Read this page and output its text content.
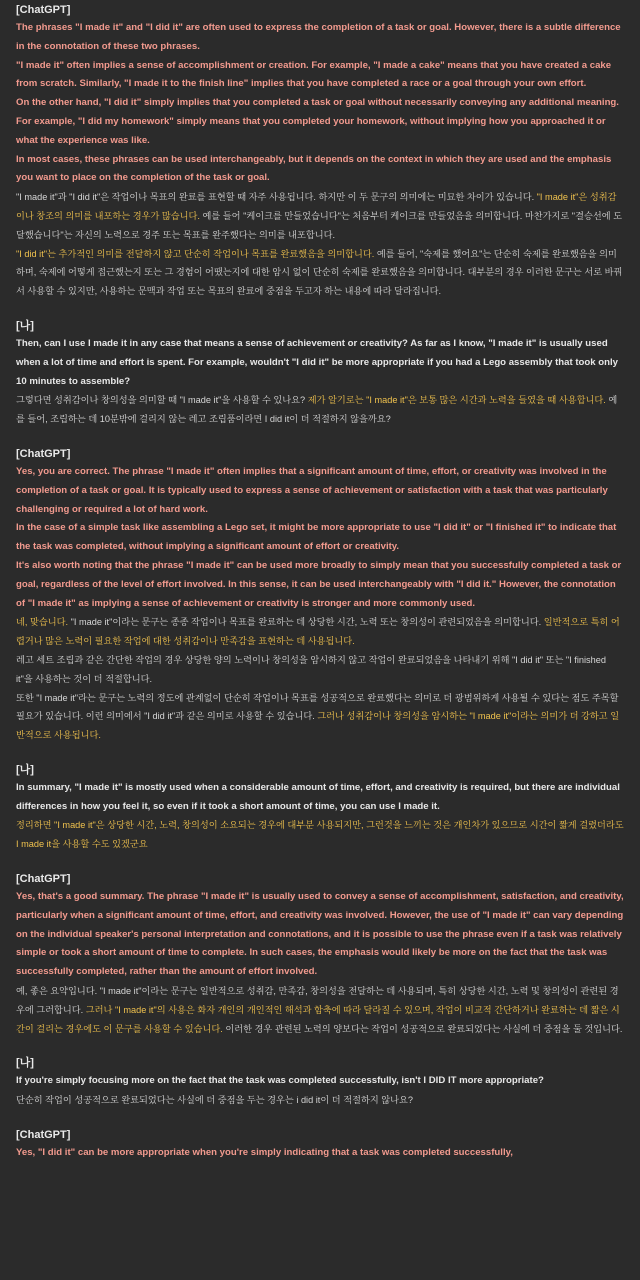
[ChatGPT]
The phrases "I made it" and "I did it" are often used to express the completion of a task or goal. However, there is a subtle difference in the connotation of these two phrases.
"I made it" often implies a sense of accomplishment or creation. For example, "I made a cake" means that you have created a cake from scratch. Similarly, "I made it to the finish line" implies that you have completed a race or a goal through your own effort.
On the other hand, "I did it" simply implies that you completed a task or goal without necessarily conveying any additional meaning. For example, "I did my homework" simply means that you completed your homework, without implying how you approached it or what the experience was like.
In most cases, these phrases can be used interchangeably, but it depends on the context in which they are used and the emphasis you want to place on the completion of the task or goal.
"I made it"과 "I did it"은 작업이나 목표의 완료를 표현할 때 자주 사용됩니다. 하지만 이 두 문구의 의미에는 미묘한 차이가 있습니다. "I made it"은 성취감이나 창조의 의미를 내포하는 경우가 많습니다. 예를 들어 "케이크를 만들었습니다"는 처음부터 케이크를 만들었음을 의미합니다. 마찬가지로 "결승선에 도달했습니다"는 자신의 노력으로 경주 또는 목표를 완주했다는 의미를 내포합니다.
"I did it"는 추가적인 의미를 전달하지 않고 단순히 작업이나 목표를 완료했음을 의미합니다. 예를 들어, "숙제를 했어요"는 단순히 숙제를 완료했음을 의미하며, 숙제에 어떻게 접근했는지 또는 그 경험이 어땠는지에 대한 암시 없이 단순히 숙제를 완료했음을 의미합니다. 대부분의 경우 이러한 문구는 서로 바꿔서 사용할 수 있지만, 사용하는 문맥과 작업 또는 목표의 완료에 중점을 두고자 하는 내용에 따라 달라집니다.
[나]
Then, can I use I made it in any case that means a sense of achievement or creativity? As far as I know, "I made it" is usually used when a lot of time and effort is spent. For example, wouldn't "I did it" be more appropriate if you had a Lego assembly that took only 10 minutes to assemble?
그렇다면 성취감이나 창의성을 의미할 때 "I made it"을 사용할 수 있나요? 제가 알기로는 "I made it"은 보통 많은 시간과 노력을 들였을 때 사용합니다. 예를 들어, 조립하는 데 10분밖에 걸리지 않는 레고 조립품이라면 I did it이 더 적절하지 않을까요?
[ChatGPT]
Yes, you are correct. The phrase "I made it" often implies that a significant amount of time, effort, or creativity was involved in the completion of a task or goal. It is typically used to express a sense of achievement or satisfaction with a task that was particularly challenging or required a lot of hard work.
In the case of a simple task like assembling a Lego set, it might be more appropriate to use "I did it" or "I finished it" to indicate that the task was completed, without implying a significant amount of effort or creativity.
It's also worth noting that the phrase "I made it" can be used more broadly to simply mean that you successfully completed a task or goal, regardless of the level of effort involved. In this sense, it can be used interchangeably with "I did it." However, the connotation of "I made it" as implying a sense of achievement or creativity is stronger and more commonly used.
네, 맞습니다. "I made it"이라는 문구는 종종 작업이나 목표를 완료하는 데 상당한 시간, 노력 또는 창의성이 관련되었음을 의미합니다. 일반적으로 특히 어렵거나 많은 노력이 필요한 작업에 대한 성취감이나 만족감을 표현하는 데 사용됩니다.
레고 세트 조립과 같은 간단한 작업의 경우 상당한 양의 노력이나 창의성을 암시하지 않고 작업이 완료되었음을 나타내기 위해 "I did it" 또는 "I finished it"을 사용하는 것이 더 적절합니다.
또한 "I made it"라는 문구는 노력의 정도에 관계없이 단순히 작업이나 목표를 성공적으로 완료했다는 의미로 더 광범위하게 사용될 수 있다는 점도 주목할 필요가 있습니다. 이런 의미에서 "I did it"과 같은 의미로 사용할 수 있습니다. 그러나 성취감이나 창의성을 암시하는 "I made it"이라는 의미가 더 강하고 일반적으로 사용됩니다.
[나]
In summary, "I made it" is mostly used when a considerable amount of time, effort, and creativity is required, but there are individual differences in how you feel it, so even if it took a short amount of time, you can use I made it.
정리하면 "I made it"은 상당한 시간, 노력, 창의성이 소요되는 경우에 대부분 사용되지만, 그런것을 느끼는 것은 개인차가 있으므로 시간이 짧게 걸렸더라도 I made it을 사용할 수도 있겠군요
[ChatGPT]
Yes, that's a good summary. The phrase "I made it" is usually used to convey a sense of accomplishment, satisfaction, and creativity, particularly when a significant amount of time, effort, and creativity was involved. However, the use of "I made it" can vary depending on the individual speaker's personal interpretation and connotations, and it is possible to use the phrase even if a task was relatively simple or took a short amount of time to complete. In such cases, the emphasis would likely be more on the fact that the task was successfully completed, rather than the amount of effort involved.
예, 좋은 요약입니다. "I made it"이라는 문구는 일반적으로 성취감, 만족감, 창의성을 전달하는 데 사용되며, 특히 상당한 시간, 노력 및 창의성이 관련된 경우에 그러합니다. 그러나 "I made it"의 사용은 화자 개인의 개인적인 해석과 함축에 따라 달라질 수 있으며, 작업이 비교적 간단하거나 완료하는 데 짧은 시간이 걸리는 경우에도 이 문구를 사용할 수 있습니다. 이러한 경우 관련된 노력의 양보다는 작업이 성공적으로 완료되었다는 사실에 더 중점을 둘 것입니다.
[나]
If you're simply focusing more on the fact that the task was completed successfully, isn't I DID IT more appropriate?
단순히 작업이 성공적으로 완료되었다는 사실에 더 중점을 두는 경우는 i did it이 더 적절하지 않나요?
[ChatGPT]
Yes, "I did it" can be more appropriate when you're simply indicating that a task was completed successfully,
